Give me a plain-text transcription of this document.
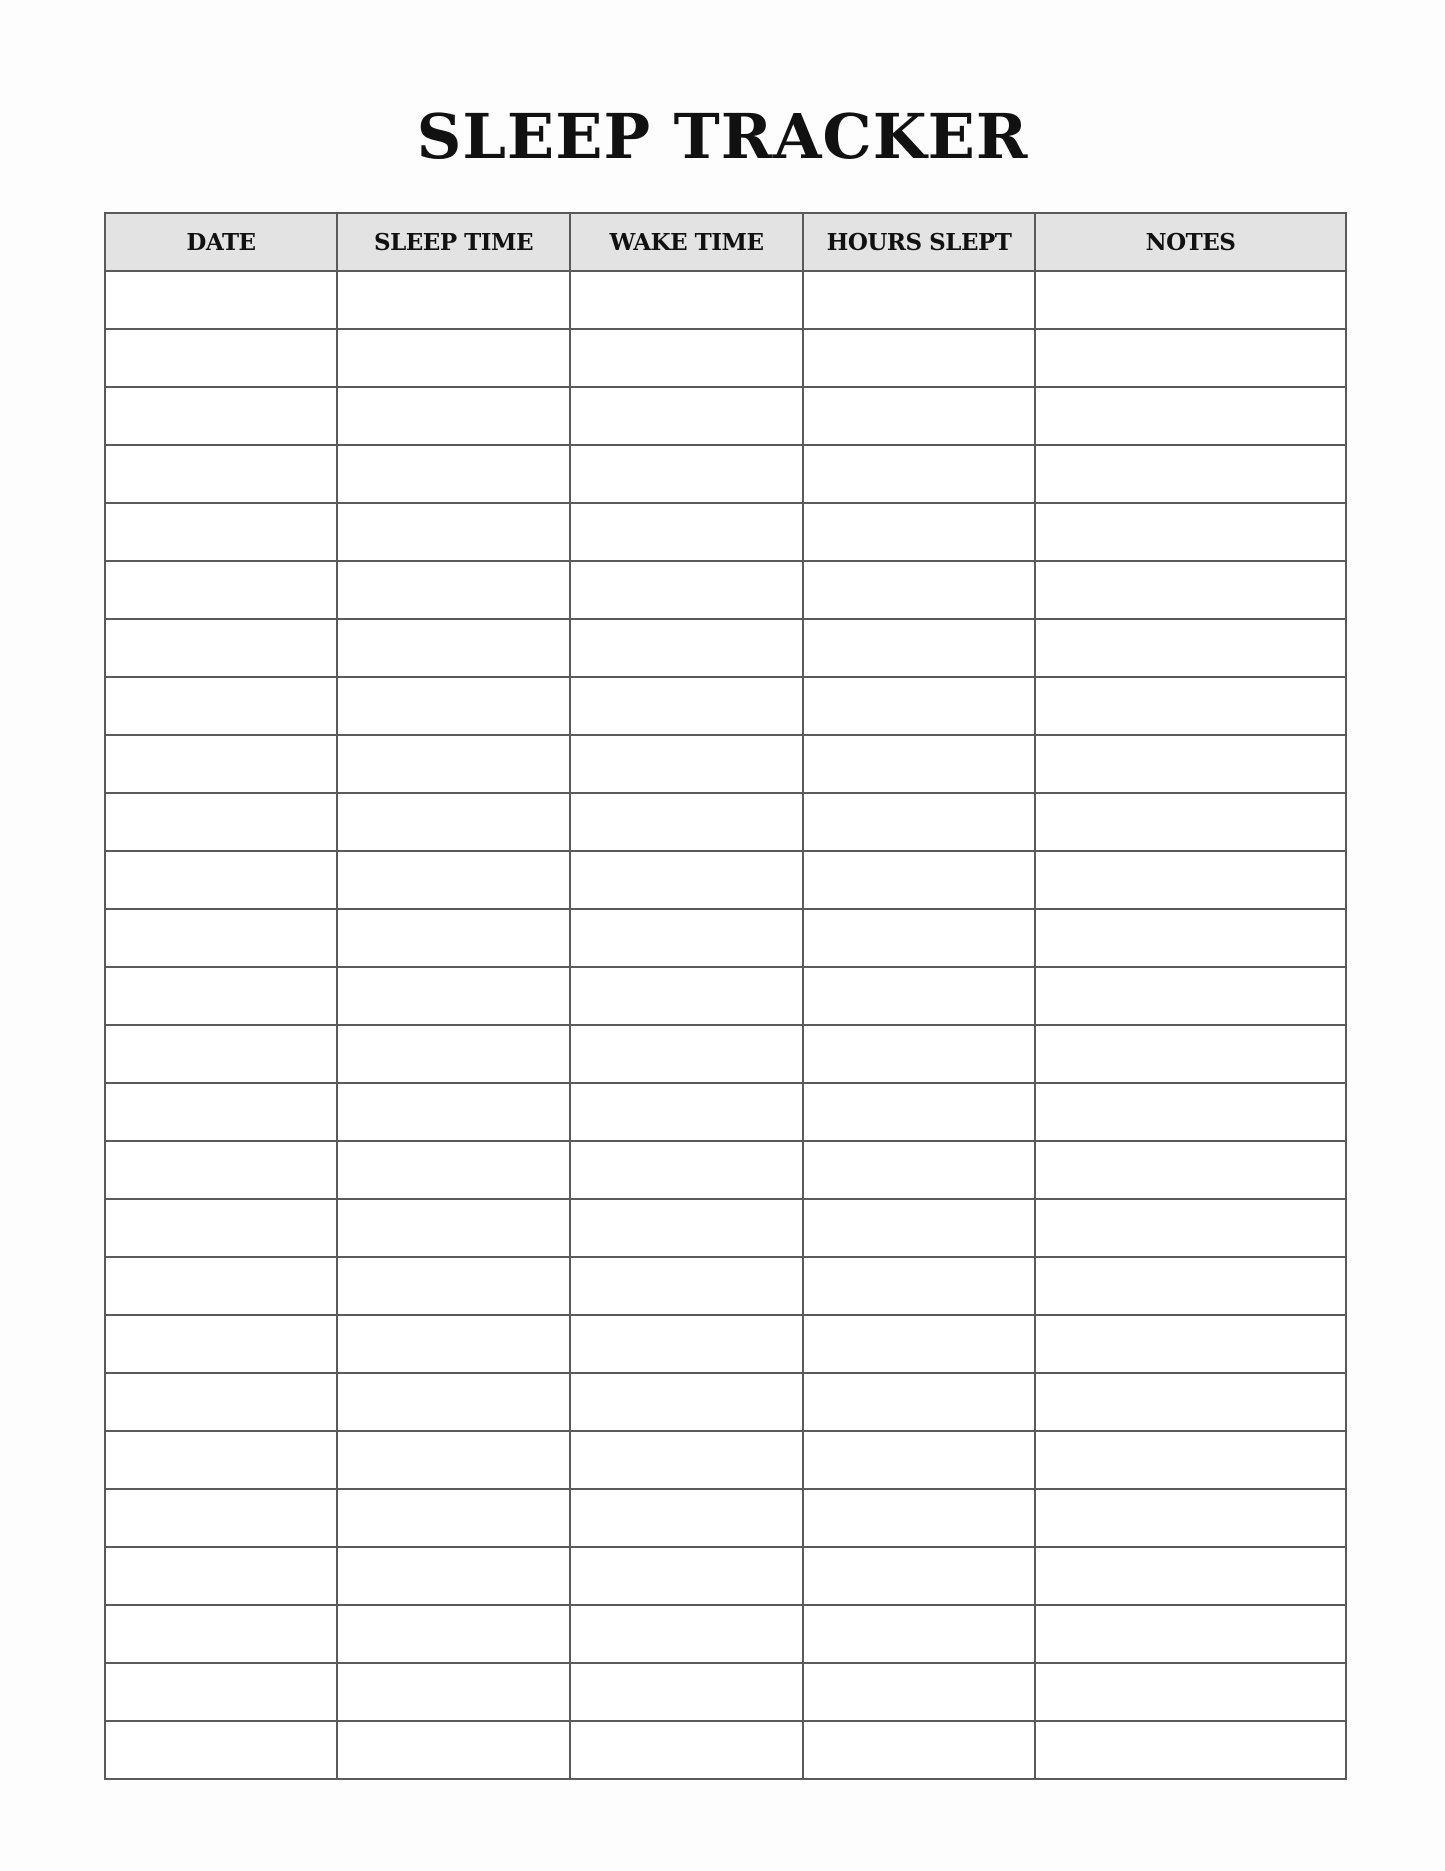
SLEEP TRACKER
DATE	SLEEP TIME	WAKE TIME	HOURS SLEPT	NOTES
